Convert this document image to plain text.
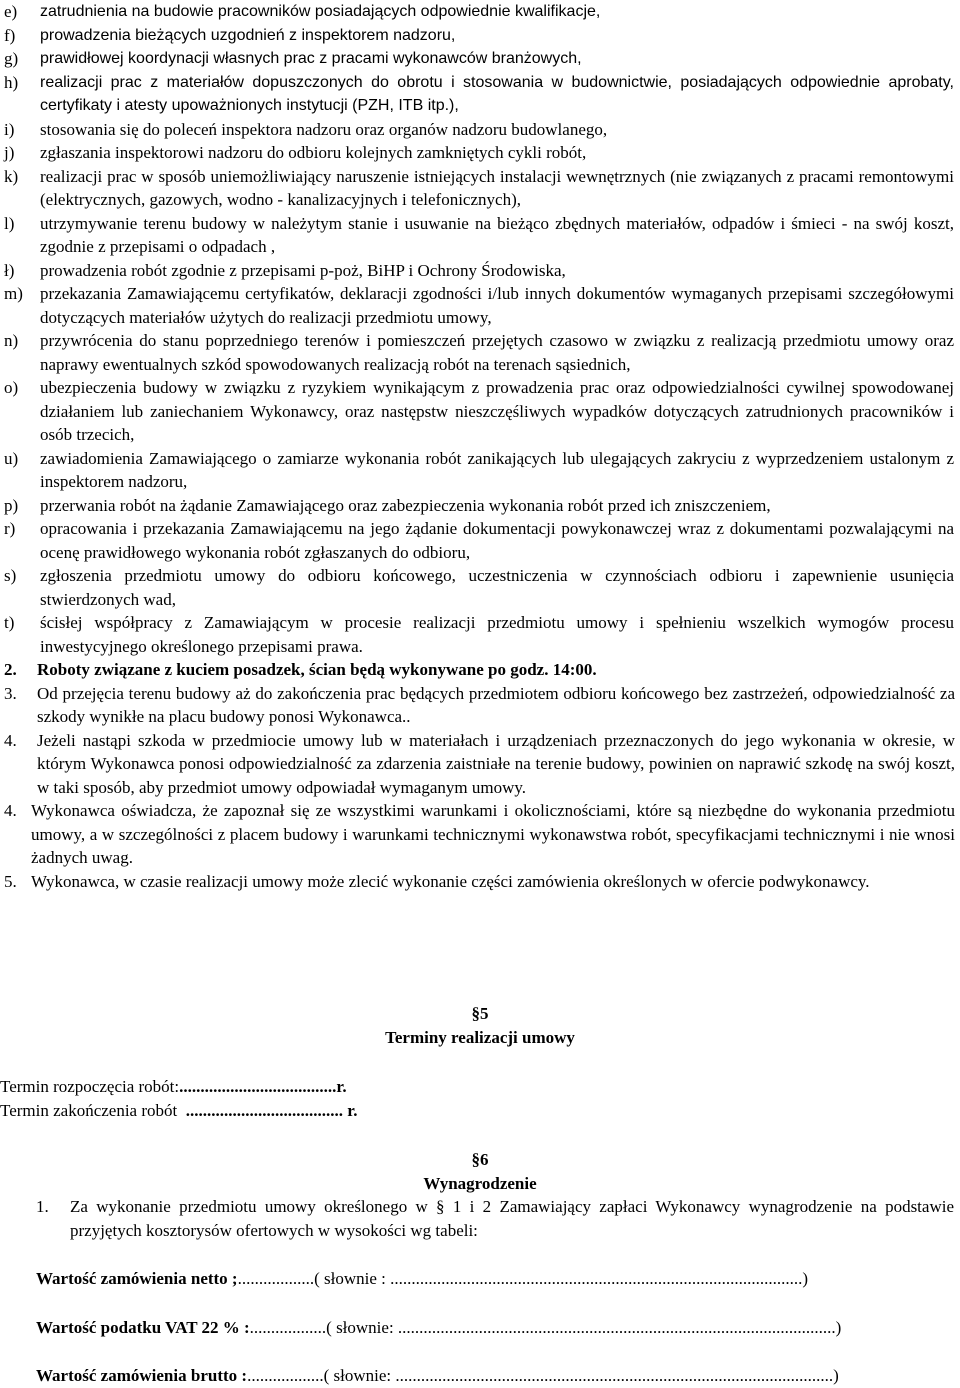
e)	zatrudnienia na budowie pracowników posiadających odpowiednie kwalifikacje,
f)	prowadzenia bieżących uzgodnień z inspektorem nadzoru,
g)	prawidłowej koordynacji własnych prac z pracami wykonawców branżowych,
h)	realizacji prac z materiałów dopuszczonych do obrotu i stosowania w budownictwie, posiadających odpowiednie aprobaty, certyfikaty i atesty upoważnionych instytucji (PZH, ITB itp.),
i)	stosowania się do poleceń inspektora nadzoru oraz organów nadzoru budowlanego,
j)	zgłaszania inspektorowi nadzoru do odbioru kolejnych zamkniętych cykli robót,
k)	realizacji prac w sposób uniemożliwiający naruszenie istniejących instalacji wewnętrznych (nie związanych z pracami remontowymi (elektrycznych, gazowych, wodno - kanalizacyjnych i telefonicznych),
l)	utrzymywanie terenu budowy w należytym stanie i usuwanie na bieżąco zbędnych materiałów, odpadów i śmieci - na swój koszt, zgodnie z przepisami o odpadach ,
ł)	prowadzenia robót zgodnie z przepisami p-poż, BiHP i Ochrony Środowiska,
m)	przekazania Zamawiającemu certyfikatów, deklaracji zgodności i/lub innych dokumentów wymaganych przepisami szczegółowymi dotyczących materiałów użytych do realizacji przedmiotu umowy,
n)	przywrócenia do stanu poprzedniego terenów i pomieszczeń przejętych czasowo w związku z realizacją przedmiotu umowy oraz naprawy ewentualnych szkód spowodowanych realizacją robót na terenach sąsiednich,
o)	ubezpieczenia budowy w związku z ryzykiem wynikającym z prowadzenia prac oraz odpowiedzialności cywilnej spowodowanej działaniem lub zaniechaniem Wykonawcy, oraz następstw nieszczęśliwych wypadków dotyczących zatrudnionych pracowników i osób trzecich,
u)	zawiadomienia Zamawiającego o zamiarze wykonania robót zanikających lub ulegających zakryciu z wyprzedzeniem ustalonym z inspektorem nadzoru,
p)	przerwania robót na żądanie Zamawiającego oraz zabezpieczenia wykonania robót przed ich zniszczeniem,
r)	opracowania i przekazania Zamawiającemu na jego żądanie dokumentacji powykonawczej wraz z dokumentami pozwalającymi na ocenę prawidłowego wykonania robót zgłaszanych do odbioru,
s)	zgłoszenia przedmiotu umowy do odbioru końcowego, uczestniczenia w czynnościach odbioru i zapewnienie usunięcia stwierdzonych wad,
t)	ścisłej współpracy z Zamawiającym w procesie realizacji przedmiotu umowy i spełnieniu wszelkich wymogów procesu inwestycyjnego określonego przepisami prawa.
2.	Roboty związane z kuciem posadzek, ścian będą wykonywane po godz. 14:00.
3.	Od przejęcia terenu budowy aż do zakończenia prac będących przedmiotem odbioru końcowego bez zastrzeżeń, odpowiedzialność za szkody wynikłe na placu budowy ponosi Wykonawca..
4.	Jeżeli nastąpi szkoda w przedmiocie umowy lub w materiałach i urządzeniach przeznaczonych do jego wykonania w okresie, w którym Wykonawca ponosi odpowiedzialność za zdarzenia zaistniałe na terenie budowy, powinien on naprawić szkodę na swój koszt, w taki sposób, aby przedmiot umowy odpowiadał wymaganym umowy.
4. Wykonawca oświadcza, że zapoznał się ze wszystkimi warunkami i okolicznościami, które są niezbędne do wykonania przedmiotu umowy, a w szczególności z placem budowy i warunkami technicznymi wykonawstwa robót, specyfikacjami technicznymi i nie wnosi żadnych uwag.
5. Wykonawca, w czasie realizacji umowy może zlecić wykonanie części zamówienia określonych w ofercie podwykonawcy.
§5
Terminy realizacji umowy
Termin rozpoczęcia robót:.....................................r.
Termin zakończenia robót ..................................... r.
§6
Wynagrodzenie
1.	Za wykonanie przedmiotu umowy określonego w § 1 i 2 Zamawiający zapłaci Wykonawcy wynagrodzenie na podstawie przyjętych kosztorysów ofertowych w wysokości wg tabeli:
Wartość zamówienia netto ;..................( słownie : .................................................................................................)
Wartość podatku VAT 22 % :..................( słownie: .......................................................................................................)
Wartość zamówienia brutto :..................( słownie: .......................................................................................................)
